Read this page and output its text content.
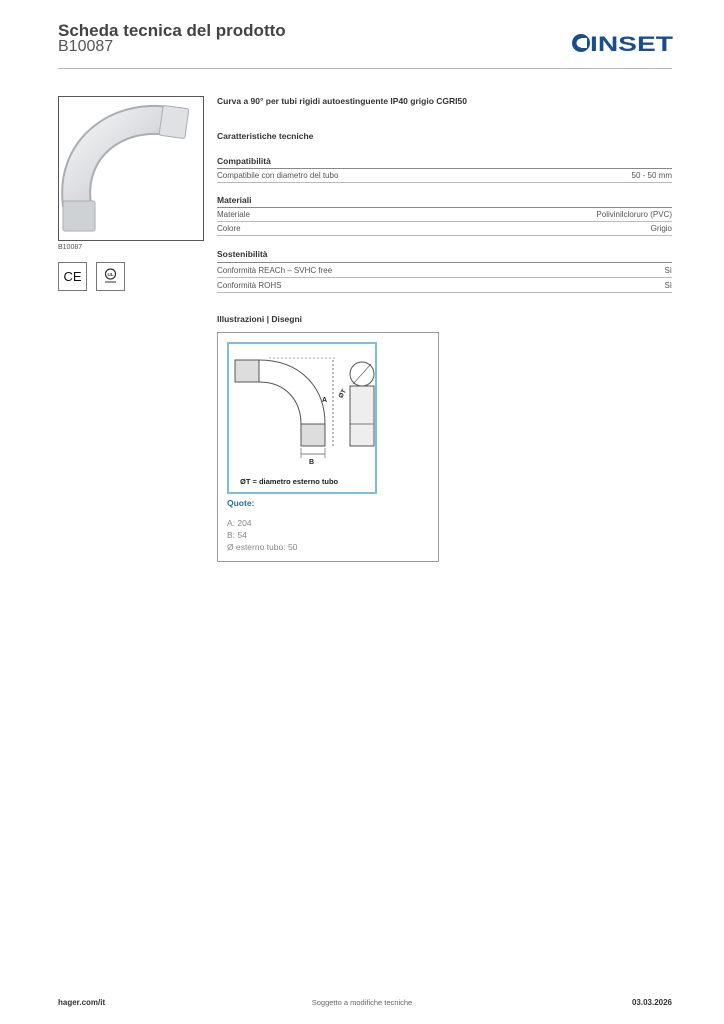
Scheda tecnica del prodotto
B10087	INSET
B10087
CE	UL
Curva a 90° per tubi rigidi autoestinguente IP40 grigio CGRI50
Caratteristiche tecniche
Compatibilità
Compatibile con diametro del tubo	50 - 50 mm
Materiali
Materiale	Polivinilcloruro (PVC)
Colore	Grigio
Sostenibilità
Conformità REACh – SVHC free	Sì
Conformità ROHS	Sì
Illustrazioni | Disegni
A
B
ØT
ØT = diametro esterno tubo
Quote:
A: 204
B: 54
Ø esterno tubo: 50
hager.com/it	Soggetto a modifiche tecniche	03.03.2026
